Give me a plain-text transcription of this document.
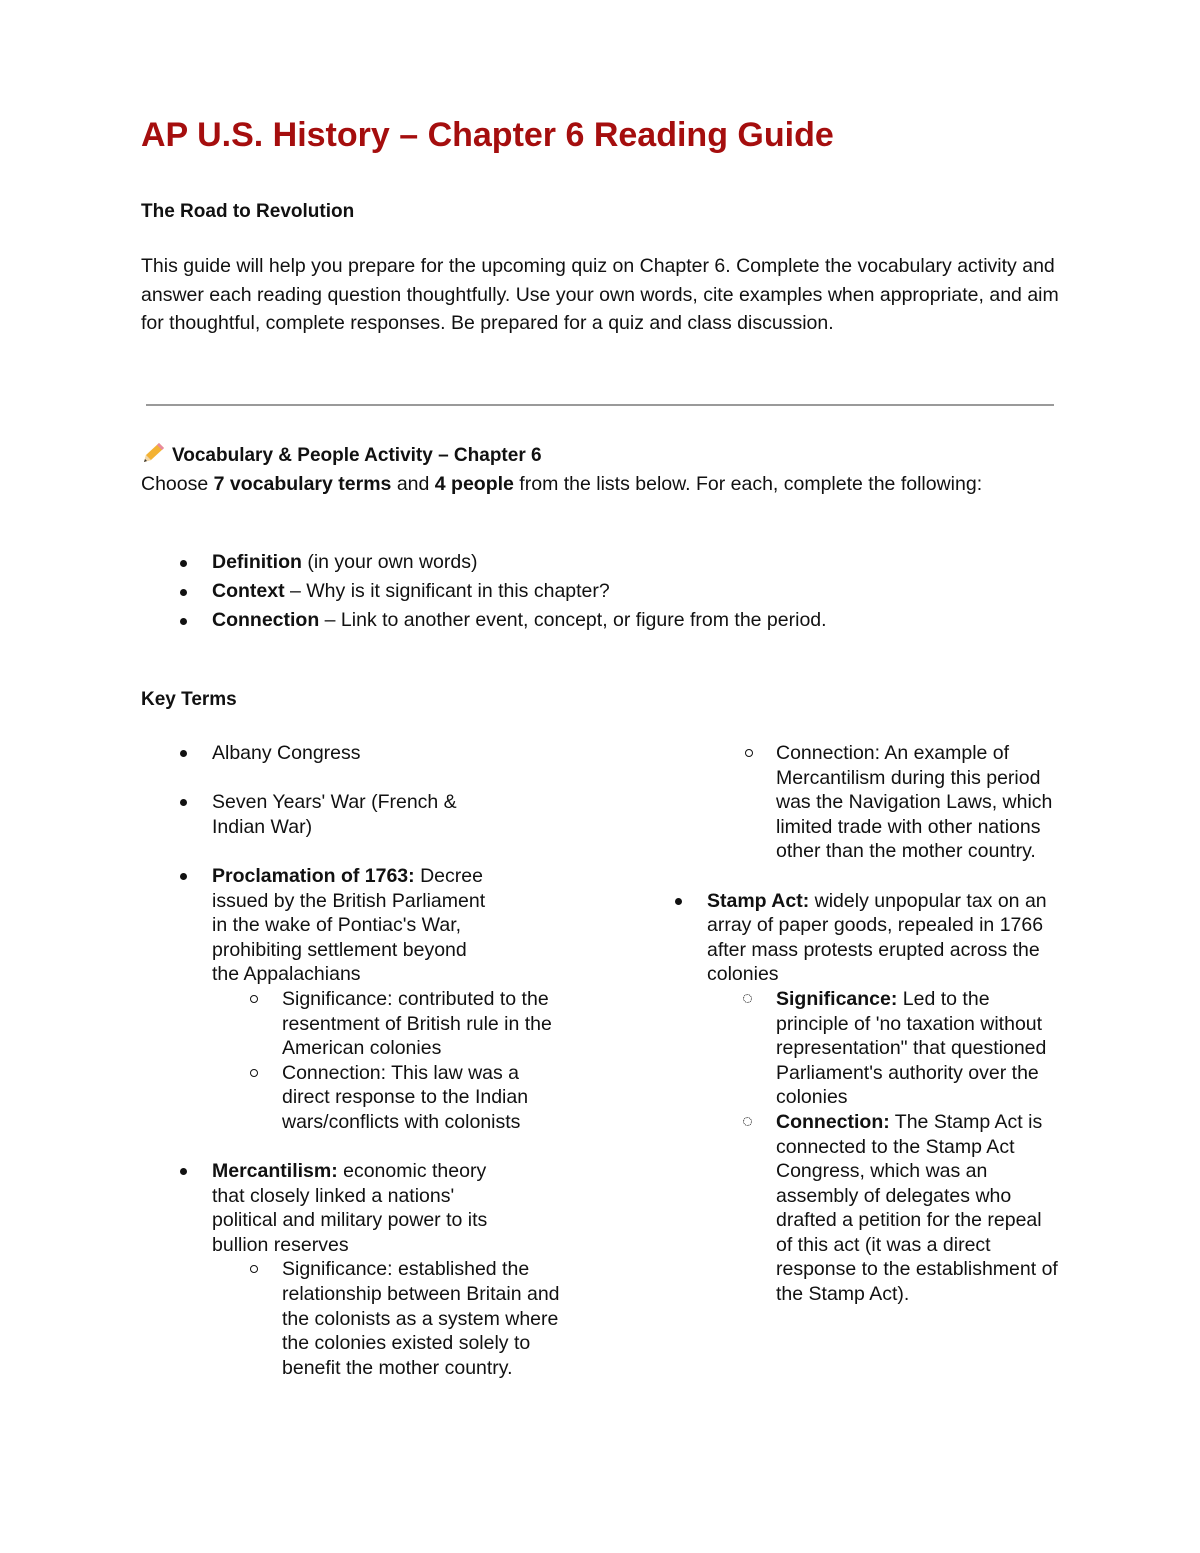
AP U.S. History – Chapter 6 Reading Guide
The Road to Revolution

This guide will help you prepare for the upcoming quiz on Chapter 6. Complete the vocabulary activity and answer each reading question thoughtfully. Use your own words, cite examples when appropriate, and aim for thoughtful, complete responses. Be prepared for a quiz and class discussion.

Vocabulary & People Activity – Chapter 6

Choose 7 vocabulary terms and 4 people from the lists below. For each, complete the following:

Definition (in your own words)
Context – Why is it significant in this chapter?
Connection – Link to another event, concept, or figure from the period.
Key Terms
Albany Congress
Seven Years' War (French & Indian War)
Proclamation of 1763: Decree issued by the British Parliament in the wake of Pontiac's War, prohibiting settlement beyond the Appalachians
Significance: contributed to the resentment of British rule in the American colonies
Connection: This law was a direct response to the Indian wars/conflicts with colonists
Mercantilism: economic theory that closely linked a nations' political and military power to its bullion reserves
Significance: established the relationship between Britain and the colonists as a system where the colonies existed solely to benefit the mother country.
Connection: An example of Mercantilism during this period was the Navigation Laws, which limited trade with other nations other than the mother country.
Stamp Act: widely unpopular tax on an array of paper goods, repealed in 1766 after mass protests erupted across the colonies
Significance: Led to the principle of 'no taxation without representation" that questioned Parliament's authority over the colonies
Connection: The Stamp Act is connected to the Stamp Act Congress, which was an assembly of delegates who drafted a petition for the repeal of this act (it was a direct response to the establishment of the Stamp Act).
